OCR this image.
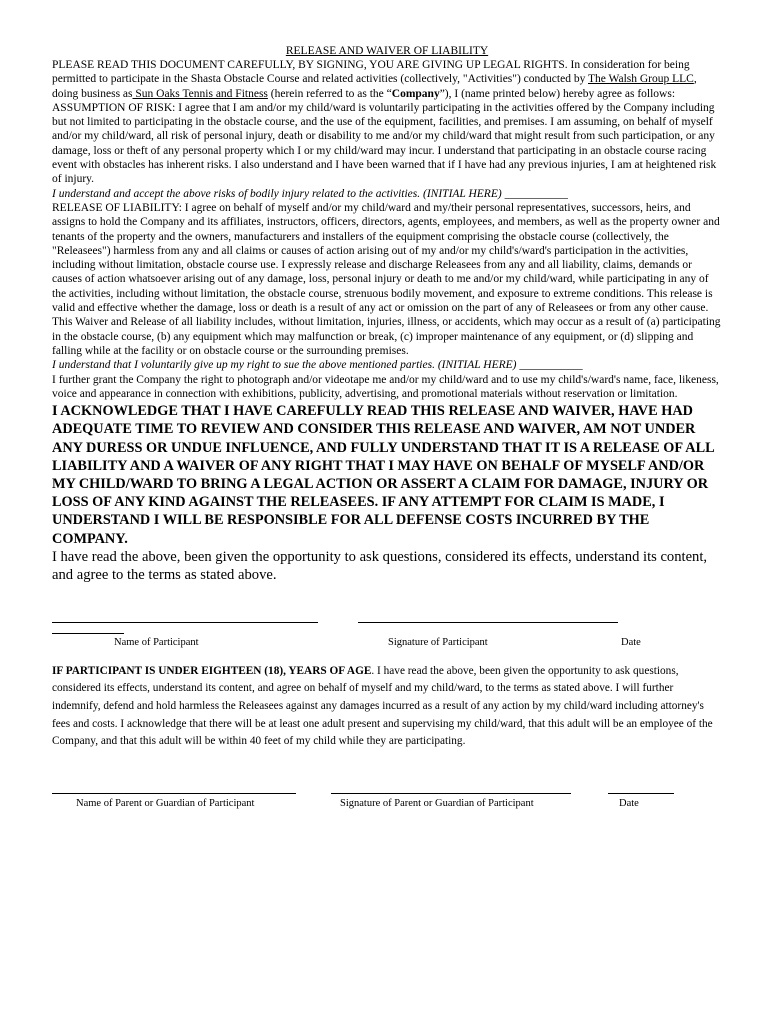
RELEASE AND WAIVER OF LIABILITY

PLEASE READ THIS DOCUMENT CAREFULLY, BY SIGNING, YOU ARE GIVING UP LEGAL RIGHTS. In consideration for being permitted to participate in the Shasta Obstacle Course and related activities (collectively, "Activities") conducted by The Walsh Group LLC, doing business as Sun Oaks Tennis and Fitness (herein referred to as the “Company”), I (name printed below) hereby agree as follows:

ASSUMPTION OF RISK: I agree that I am and/or my child/ward is voluntarily participating in the activities offered by the Company including but not limited to participating in the obstacle course, and the use of the equipment, facilities, and premises. I am assuming, on behalf of myself and/or my child/ward, all risk of personal injury, death or disability to me and/or my child/ward that might result from such participation, or any damage, loss or theft of any personal property which I or my child/ward may incur. I understand that participating in an obstacle course racing event with obstacles has inherent risks. I also understand and I have been warned that if I have had any previous injuries, I am at heightened risk of injury.

I understand and accept the above risks of bodily injury related to the activities. (INITIAL HERE) ___________

RELEASE OF LIABILITY: I agree on behalf of myself and/or my child/ward and my/their personal representatives, successors, heirs, and assigns to hold the Company and its affiliates, instructors, officers, directors, agents, employees, and members, as well as the property owner and tenants of the property and the owners, manufacturers and installers of the equipment comprising the obstacle course (collectively, the "Releasees") harmless from any and all claims or causes of action arising out of my and/or my child's/ward's participation in the activities, including without limitation, obstacle course use. I expressly release and discharge Releasees from any and all liability, claims, demands or causes of action whatsoever arising out of any damage, loss, personal injury or death to me and/or my child/ward, while participating in any of the activities, including without limitation, the obstacle course, strenuous bodily movement, and exposure to extreme conditions. This release is valid and effective whether the damage, loss or death is a result of any act or omission on the part of any of Releasees or from any other cause. This Waiver and Release of all liability includes, without limitation, injuries, illness, or accidents, which may occur as a result of (a) participating in the obstacle course, (b) any equipment which may malfunction or break, (c) improper maintenance of any equipment, or (d) slipping and falling while at the facility or on obstacle course or the surrounding premises.

I understand that I voluntarily give up my right to sue the above mentioned parties. (INITIAL HERE) ___________

I further grant the Company the right to photograph and/or videotape me and/or my child/ward and to use my child's/ward's name, face, likeness, voice and appearance in connection with exhibitions, publicity, advertising, and promotional materials without reservation or limitation.

I ACKNOWLEDGE THAT I HAVE CAREFULLY READ THIS RELEASE AND WAIVER, HAVE HAD ADEQUATE TIME TO REVIEW AND CONSIDER THIS RELEASE AND WAIVER, AM NOT UNDER ANY DURESS OR UNDUE INFLUENCE, AND FULLY UNDERSTAND THAT IT IS A RELEASE OF ALL LIABILITY AND A WAIVER OF ANY RIGHT THAT I MAY HAVE ON BEHALF OF MYSELF AND/OR MY CHILD/WARD TO BRING A LEGAL ACTION OR ASSERT A CLAIM FOR DAMAGE, INJURY OR LOSS OF ANY KIND AGAINST THE RELEASEES. IF ANY ATTEMPT FOR CLAIM IS MADE, I UNDERSTAND I WILL BE RESPONSIBLE FOR ALL DEFENSE COSTS INCURRED BY THE COMPANY.

I have read the above, been given the opportunity to ask questions, considered its effects, understand its content, and agree to the terms as stated above.

Name of Participant	Signature of Participant	Date

IF PARTICIPANT IS UNDER EIGHTEEN (18), YEARS OF AGE. I have read the above, been given the opportunity to ask questions, considered its effects, understand its content, and agree on behalf of myself and my child/ward, to the terms as stated above. I will further indemnify, defend and hold harmless the Releasees against any damages incurred as a result of any action by my child/ward including attorney's fees and costs. I acknowledge that there will be at least one adult present and supervising my child/ward, that this adult will be an employee of the Company, and that this adult will be within 40 feet of my child while they are participating.

Name of Parent or Guardian of Participant	Signature of Parent or Guardian of Participant	Date
